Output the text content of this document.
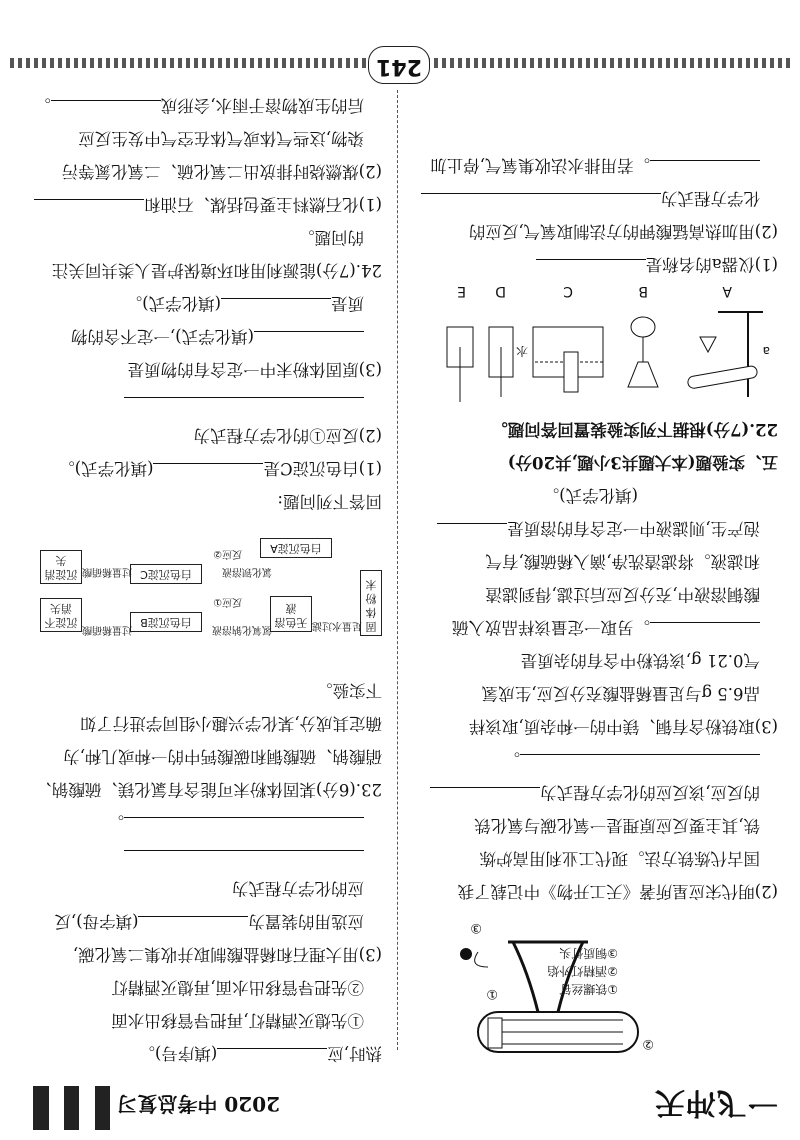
一飞冲天
2020 中考总复习
②
①
③
①铁螺丝钉
②酒精灯外焰
③铜质灯头

(2)明代宋应星所著《天工开物》中记载了我

国古代炼铁方法。现代工业利用高炉炼

铁,其主要反应原理是一氧化碳与氧化铁

的反应,该反应的化学方程式为

。

(3)取铁粉含有铜、镁中的一种杂质,取该样

品6.5 g与足量稀盐酸充分反应,生成氢

气0.21 g,该铁粉中含有的杂质是

。另取一定量该样品放入硫

酸铜溶液中,充分反应后过滤,得到滤渣

和滤液。将滤渣洗净,滴入稀硫酸,有气

泡产生,则滤液中一定含有的溶质是

(填化学式)。

五、实验题(本大题共3小题,共20分)

22.(7分)根据下列实验装置回答问题。

A
B
C
D
E
a
水

(1)仪器a的名称是

(2)用加热高锰酸钾的方法制取氧气,反应的

化学方程式为

。若用排水法收集氧气,停止加

热时,应(填序号)。

①先熄灭酒精灯,再把导管移出水面

②先把导管移出水面,再熄灭酒精灯

(3)用大理石和稀盐酸制取并收集二氧化碳,

应选用的装置为(填字母),反

应的化学方程式为

。

23.(6分)某固体粉末可能含有氯化镁、硫酸钠、

硝酸钠、硫酸铜和碳酸钙中的一种或几种,为

确定其成分,某化学兴趣小组同学进行了如

下实验。

固体粉末
足量水过滤
白色沉淀A
无色溶液
氢氧化钠溶液
白色沉淀B
反应①
过量稀硝酸
沉淀不消失
氯化钡溶液
白色沉淀C
反应②
过量稀硝酸
沉淀消失

回答下列问题:

(1)白色沉淀C是(填化学式)。

(2)反应①的化学方程式为

(3)原固体粉末中一定含有的物质是

(填化学式),一定不含的物

质是(填化学式)。

24.(7分)能源利用和环境保护是人类共同关注

的问题。

(1)化石燃料主要包括煤、石油和

(2)煤燃烧时排放出二氧化硫、二氧化氮等污

染物,这些气体或气体在空气中发生反应

后的生成物溶于雨水,会形成。

241
